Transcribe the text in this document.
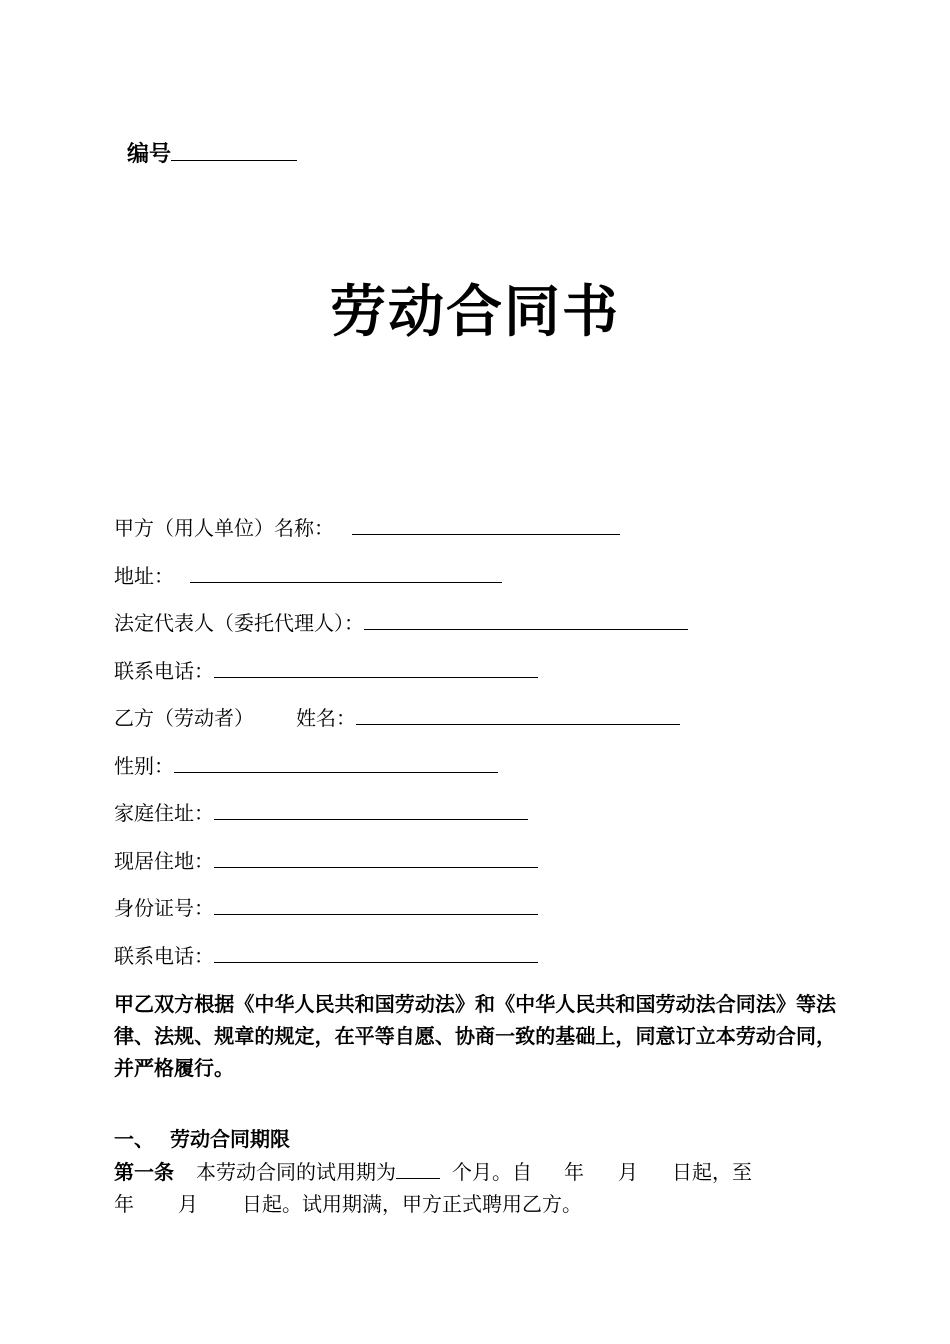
编号
劳动合同书
甲方（用人单位）名称：
地址：
法定代表人（委托代理人）：
联系电话：
乙方（劳动者） 姓名：
性别：
家庭住址：
现居住地：
身份证号：
联系电话：
甲乙双方根据《中华人民共和国劳动法》和《中华人民共和国劳动法合同法》等法律、法规、规章的规定，在平等自愿、协商一致的基础上，同意订立本劳动合同，并严格履行。
一、 劳动合同期限
第一条 本劳动合同的试用期为	个月。自 年 月 日起，至
年 月 日起。试用期满，甲方正式聘用乙方。
